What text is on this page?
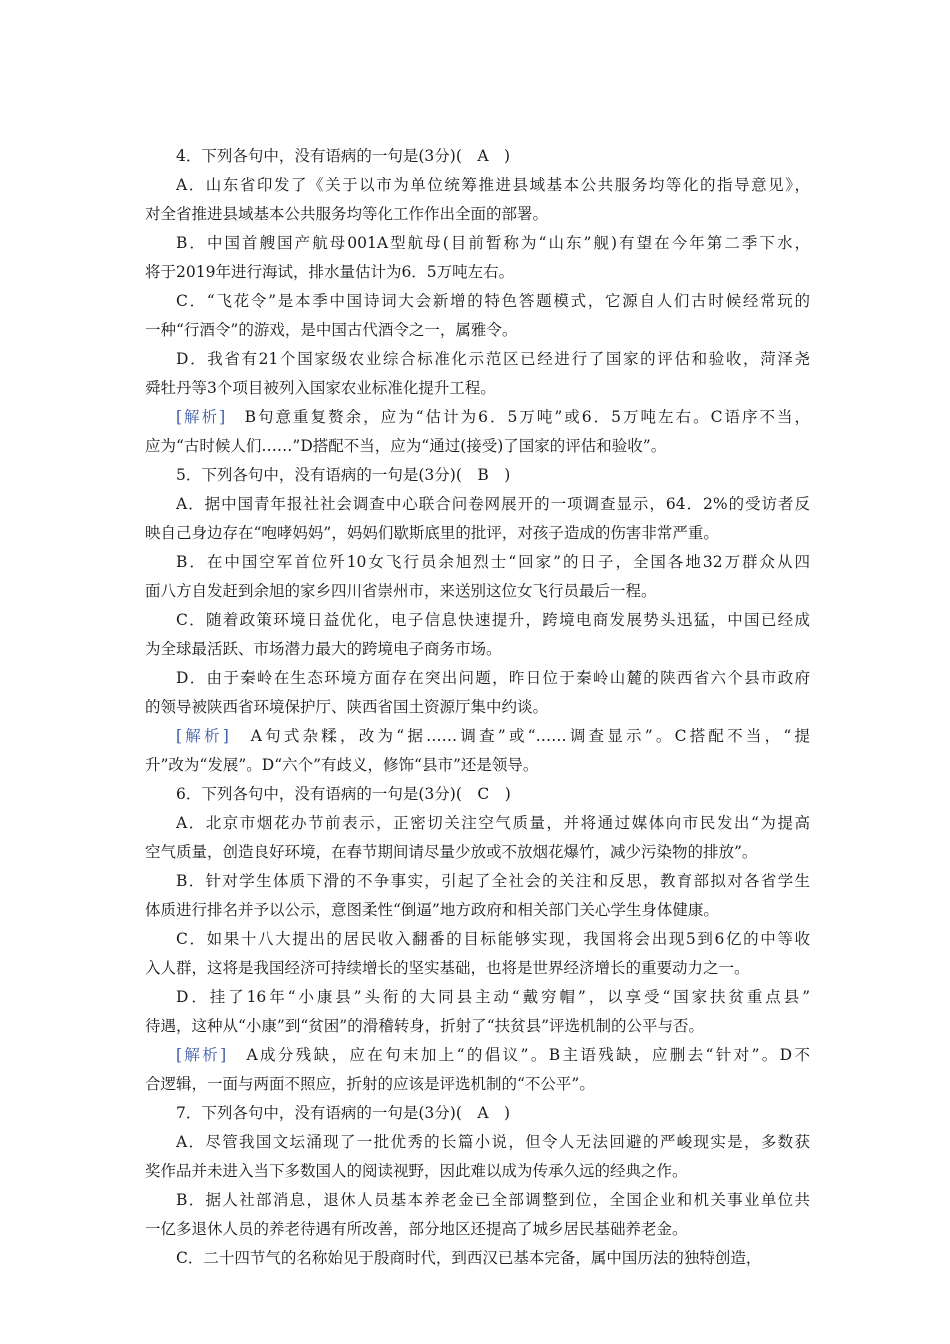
4．下列各句中，没有语病的一句是(3分)(　A　)
A．山东省印发了《关于以市为单位统筹推进县域基本公共服务均等化的指导意见》，
对全省推进县域基本公共服务均等化工作作出全面的部署。
B．中国首艘国产航母001A型航母(目前暂称为“山东”舰)有望在今年第二季下水，
将于2019年进行海试，排水量估计为6．5万吨左右。
C．“飞花令”是本季中国诗词大会新增的特色答题模式，它源自人们古时候经常玩的
一种“行酒令”的游戏，是中国古代酒令之一，属雅令。
D．我省有21个国家级农业综合标准化示范区已经进行了国家的评估和验收，菏泽尧
舜牡丹等3个项目被列入国家农业标准化提升工程。
[解析]　B句意重复赘余，应为“估计为6．5万吨”或6．5万吨左右。C语序不当，
应为“古时候人们……”D搭配不当，应为“通过(接受)了国家的评估和验收”。
5．下列各句中，没有语病的一句是(3分)(　B　)
A．据中国青年报社社会调查中心联合问卷网展开的一项调查显示，64．2%的受访者反
映自己身边存在“咆哮妈妈”，妈妈们歇斯底里的批评，对孩子造成的伤害非常严重。
B．在中国空军首位歼10女飞行员余旭烈士“回家”的日子，全国各地32万群众从四
面八方自发赶到余旭的家乡四川省崇州市，来送别这位女飞行员最后一程。
C．随着政策环境日益优化，电子信息快速提升，跨境电商发展势头迅猛，中国已经成
为全球最活跃、市场潜力最大的跨境电子商务市场。
D．由于秦岭在生态环境方面存在突出问题，昨日位于秦岭山麓的陕西省六个县市政府
的领导被陕西省环境保护厅、陕西省国土资源厅集中约谈。
[解析]　A句式杂糅，改为“据……调查”或“……调查显示”。C搭配不当，“提
升”改为“发展”。D“六个”有歧义，修饰“县市”还是领导。
6．下列各句中，没有语病的一句是(3分)(　C　)
A．北京市烟花办节前表示，正密切关注空气质量，并将通过媒体向市民发出“为提高
空气质量，创造良好环境，在春节期间请尽量少放或不放烟花爆竹，减少污染物的排放”。
B．针对学生体质下滑的不争事实，引起了全社会的关注和反思，教育部拟对各省学生
体质进行排名并予以公示，意图柔性“倒逼”地方政府和相关部门关心学生身体健康。
C．如果十八大提出的居民收入翻番的目标能够实现，我国将会出现5到6亿的中等收
入人群，这将是我国经济可持续增长的坚实基础，也将是世界经济增长的重要动力之一。
D．挂了16年“小康县”头衔的大同县主动“戴穷帽”，以享受“国家扶贫重点县”
待遇，这种从“小康”到“贫困”的滑稽转身，折射了“扶贫县”评选机制的公平与否。
[解析]　A成分残缺，应在句末加上“的倡议”。B主语残缺，应删去“针对”。D不
合逻辑，一面与两面不照应，折射的应该是评选机制的“不公平”。
7．下列各句中，没有语病的一句是(3分)(　A　)
A．尽管我国文坛涌现了一批优秀的长篇小说，但令人无法回避的严峻现实是，多数获
奖作品并未进入当下多数国人的阅读视野，因此难以成为传承久远的经典之作。
B．据人社部消息，退休人员基本养老金已全部调整到位，全国企业和机关事业单位共
一亿多退休人员的养老待遇有所改善，部分地区还提高了城乡居民基础养老金。
C．二十四节气的名称始见于殷商时代，到西汉已基本完备，属中国历法的独特创造，
